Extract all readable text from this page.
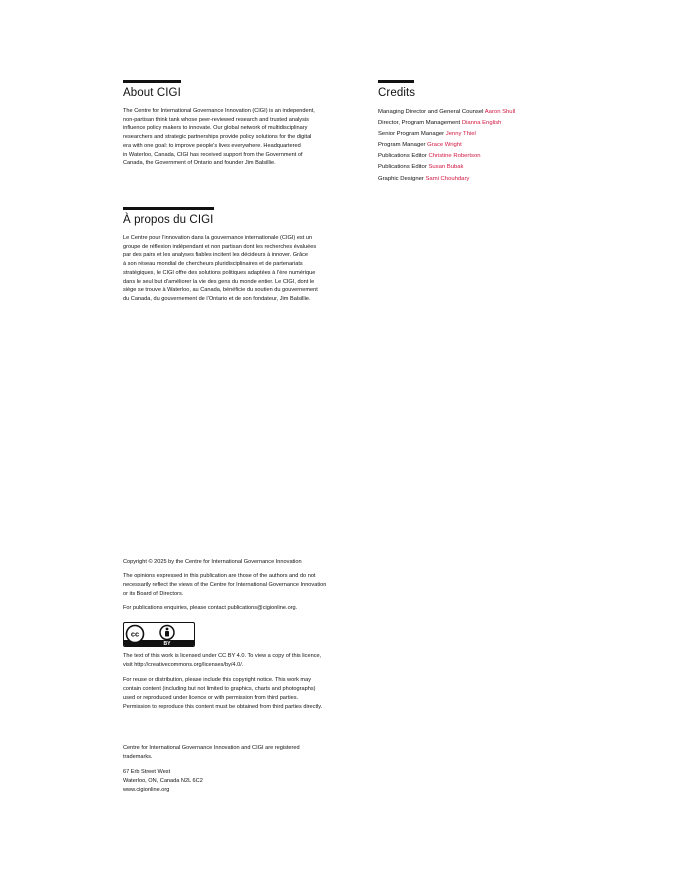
About CIGI
The Centre for International Governance Innovation (CIGI) is an independent,
non-partisan think tank whose peer-reviewed research and trusted analysis
influence policy makers to innovate. Our global network of multidisciplinary
researchers and strategic partnerships provide policy solutions for the digital
era with one goal: to improve people’s lives everywhere. Headquartered
in Waterloo, Canada, CIGI has received support from the Government of
Canada, the Government of Ontario and founder Jim Balsillie.
Credits
Managing Director and General Counsel Aaron Shull
Director, Program Management Dianna English
Senior Program Manager Jenny Thiel
Program Manager Grace Wright
Publications Editor Christine Robertson
Publications Editor Susan Bubak
Graphic Designer Sami Chouhdary
À propos du CIGI
Le Centre pour l’innovation dans la gouvernance internationale (CIGI) est un
groupe de réflexion indépendant et non partisan dont les recherches évaluées
par des pairs et les analyses fiables incitent les décideurs à innover. Grâce
à son réseau mondial de chercheurs pluridisciplinaires et de partenariats
stratégiques, le CIGI offre des solutions politiques adaptées à l’ère numérique
dans le seul but d’améliorer la vie des gens du monde entier. Le CIGI, dont le
siège se trouve à Waterloo, au Canada, bénéficie du soutien du gouvernement
du Canada, du gouvernement de l’Ontario et de son fondateur, Jim Balsillie.
Copyright © 2025 by the Centre for International Governance Innovation
The opinions expressed in this publication are those of the authors and do not
necessarily reflect the views of the Centre for International Governance Innovation
or its Board of Directors.
For publications enquiries, please contact publications@cigionline.org.
cc
BY
The text of this work is licensed under CC BY 4.0. To view a copy of this licence,
visit http://creativecommons.org/licenses/by/4.0/.
For reuse or distribution, please include this copyright notice. This work may
contain content (including but not limited to graphics, charts and photographs)
used or reproduced under licence or with permission from third parties.
Permission to reproduce this content must be obtained from third parties directly.
Centre for International Governance Innovation and CIGI are registered
trademarks.
67 Erb Street West
Waterloo, ON, Canada N2L 6C2
www.cigionline.org
